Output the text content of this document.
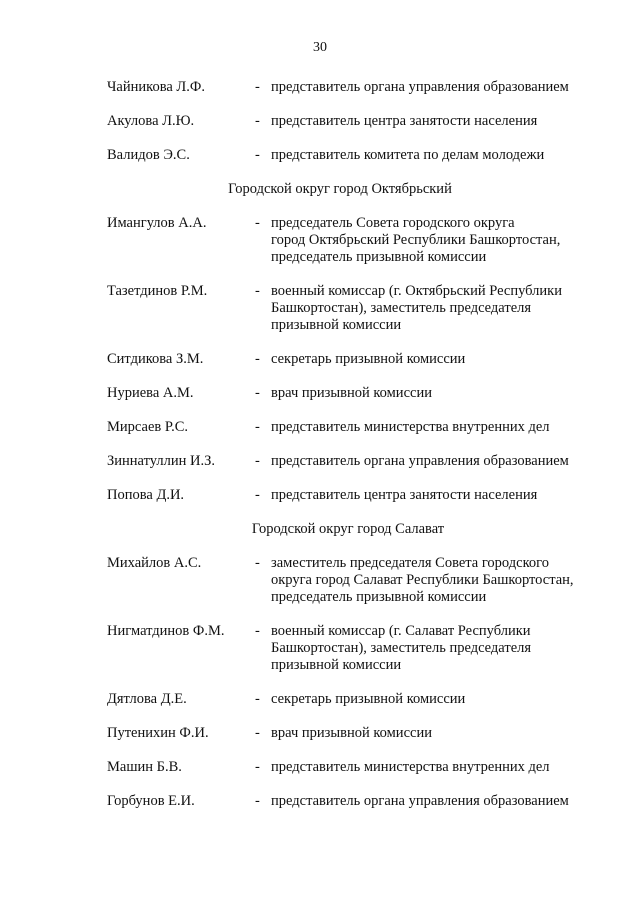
30
Чайникова Л.Ф.	- представитель органа управления образованием
Акулова Л.Ю.	- представитель центра занятости населения
Валидов Э.С.	- представитель комитета по делам молодежи
Городской округ город Октябрьский
Имангулов А.А.	- председатель Совета городского округа
город Октябрьский Республики Башкортостан,
председатель призывной комиссии
Тазетдинов Р.М.	- военный комиссар (г. Октябрьский Республики
Башкортостан), заместитель председателя
призывной комиссии
Ситдикова З.М.	- секретарь призывной комиссии
Нуриева А.М.	- врач призывной комиссии
Мирсаев Р.С.	- представитель министерства внутренних дел
Зиннатуллин И.З.	- представитель органа управления образованием
Попова Д.И.	- представитель центра занятости населения
Городской округ город Салават
Михайлов А.С.	- заместитель председателя Совета городского
округа город Салават Республики Башкортостан,
председатель призывной комиссии
Нигматдинов Ф.М. - военный комиссар (г. Салават Республики
Башкортостан), заместитель председателя
призывной комиссии
Дятлова Д.Е.	- секретарь призывной комиссии
Путенихин Ф.И.	- врач призывной комиссии
Машин Б.В.	- представитель министерства внутренних дел
Горбунов Е.И.	- представитель органа управления образованием
